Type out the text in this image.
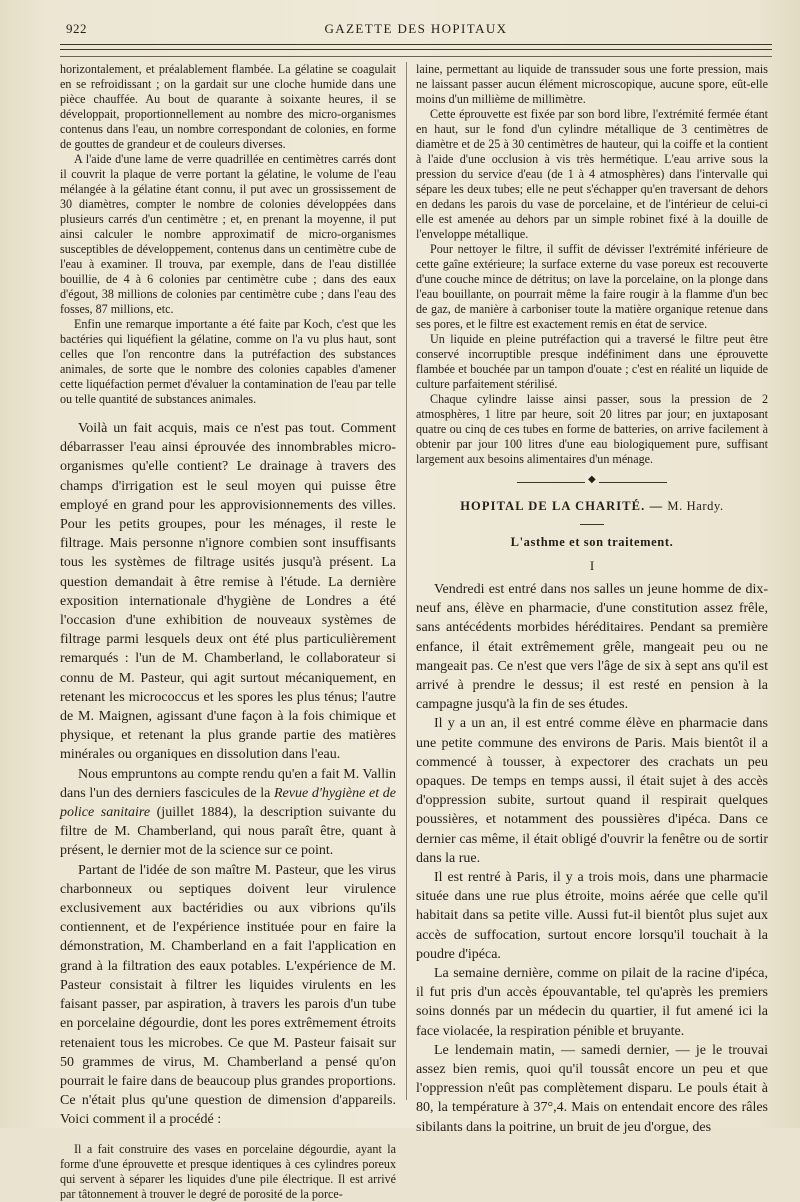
922	GAZETTE DES HOPITAUX

horizontalement, et préalablement flambée. La gélatine se coagulait en se refroidissant ; on la gardait sur une cloche humide dans une pièce chauffée. Au bout de quarante à soixante heures, il se développait, proportionnellement au nombre des micro-organismes contenus dans l'eau, un nombre correspondant de colonies, en forme de gouttes de grandeur et de couleurs diverses.

A l'aide d'une lame de verre quadrillée en centimètres carrés dont il couvrit la plaque de verre portant la gélatine, le volume de l'eau mélangée à la gélatine étant connu, il put avec un grossissement de 30 diamètres, compter le nombre de colonies développées dans plusieurs carrés d'un centimètre ; et, en prenant la moyenne, il put ainsi calculer le nombre approximatif de micro-organismes susceptibles de développement, contenus dans un centimètre cube de l'eau à examiner. Il trouva, par exemple, dans de l'eau distillée bouillie, de 4 à 6 colonies par centimètre cube ; dans des eaux d'égout, 38 millions de colonies par centimètre cube ; dans l'eau des fosses, 87 millions, etc.

Enfin une remarque importante a été faite par Koch, c'est que les bactéries qui liquéfient la gélatine, comme on l'a vu plus haut, sont celles que l'on rencontre dans la putréfaction des substances animales, de sorte que le nombre des colonies capables d'amener cette liquéfaction permet d'évaluer la contamination de l'eau par telle ou telle quantité de substances animales.

Voilà un fait acquis, mais ce n'est pas tout. Comment débarrasser l'eau ainsi éprouvée des innombrables micro-organismes qu'elle contient? Le drainage à travers des champs d'irrigation est le seul moyen qui puisse être employé en grand pour les approvisionnements des villes. Pour les petits groupes, pour les ménages, il reste le filtrage. Mais personne n'ignore combien sont insuffisants tous les systèmes de filtrage usités jusqu'à présent. La question demandait à être remise à l'étude. La dernière exposition internationale d'hygiène de Londres a été l'occasion d'une exhibition de nouveaux systèmes de filtrage parmi lesquels deux ont été plus particulièrement remarqués : l'un de M. Chamberland, le collaborateur si connu de M. Pasteur, qui agit surtout mécaniquement, en retenant les micrococcus et les spores les plus ténus; l'autre de M. Maignen, agissant d'une façon à la fois chimique et physique, et retenant la plus grande partie des matières minérales ou organiques en dissolution dans l'eau.

Nous empruntons au compte rendu qu'en a fait M. Vallin dans l'un des derniers fascicules de la Revue d'hygiène et de police sanitaire (juillet 1884), la description suivante du filtre de M. Chamberland, qui nous paraît être, quant à présent, le dernier mot de la science sur ce point.

Partant de l'idée de son maître M. Pasteur, que les virus charbonneux ou septiques doivent leur virulence exclusivement aux bactéridies ou aux vibrions qu'ils contiennent, et de l'expérience instituée pour en faire la démonstration, M. Chamberland en a fait l'application en grand à la filtration des eaux potables. L'expérience de M. Pasteur consistait à filtrer les liquides virulents en les faisant passer, par aspiration, à travers les parois d'un tube en porcelaine dégourdie, dont les pores extrêmement étroits retenaient tous les microbes. Ce que M. Pasteur faisait sur 50 grammes de virus, M. Chamberland a pensé qu'on pourrait le faire dans de beaucoup plus grandes proportions. Ce n'était plus qu'une question de dimension d'appareils. Voici comment il a procédé :

Il a fait construire des vases en porcelaine dégourdie, ayant la forme d'une éprouvette et presque identiques à ces cylindres poreux qui servent à séparer les liquides d'une pile électrique. Il est arrivé par tâtonnement à trouver le degré de porosité de la porce-

laine, permettant au liquide de transsuder sous une forte pression, mais ne laissant passer aucun élément microscopique, aucune spore, eût-elle moins d'un millième de millimètre.

Cette éprouvette est fixée par son bord libre, l'extrémité fermée étant en haut, sur le fond d'un cylindre métallique de 3 centimètres de diamètre et de 25 à 30 centimètres de hauteur, qui la coiffe et la contient à l'aide d'une occlusion à vis très hermétique. L'eau arrive sous la pression du service d'eau (de 1 à 4 atmosphères) dans l'intervalle qui sépare les deux tubes; elle ne peut s'échapper qu'en traversant de dehors en dedans les parois du vase de porcelaine, et de l'intérieur de celui-ci elle est amenée au dehors par un simple robinet fixé à la douille de l'enveloppe métallique.

Pour nettoyer le filtre, il suffit de dévisser l'extrémité inférieure de cette gaîne extérieure; la surface externe du vase poreux est recouverte d'une couche mince de détritus; on lave la porcelaine, on la plonge dans l'eau bouillante, on pourrait même la faire rougir à la flamme d'un bec de gaz, de manière à carboniser toute la matière organique retenue dans ses pores, et le filtre est exactement remis en état de service.

Un liquide en pleine putréfaction qui a traversé le filtre peut être conservé incorruptible presque indéfiniment dans une éprouvette flambée et bouchée par un tampon d'ouate ; c'est en réalité un liquide de culture parfaitement stérilisé.

Chaque cylindre laisse ainsi passer, sous la pression de 2 atmosphères, 1 litre par heure, soit 20 litres par jour; en juxtaposant quatre ou cinq de ces tubes en forme de batteries, on arrive facilement à obtenir par jour 100 litres d'une eau biologiquement pure, suffisant largement aux besoins alimentaires d'un ménage.

◆

HOPITAL DE LA CHARITÉ. — M. Hardy.

L'asthme et son traitement.

I

Vendredi est entré dans nos salles un jeune homme de dix-neuf ans, élève en pharmacie, d'une constitution assez frêle, sans antécédents morbides héréditaires. Pendant sa première enfance, il était extrêmement grêle, mangeait peu ou ne mangeait pas. Ce n'est que vers l'âge de six à sept ans qu'il est arrivé à prendre le dessus; il est resté en pension à la campagne jusqu'à la fin de ses études.

Il y a un an, il est entré comme élève en pharmacie dans une petite commune des environs de Paris. Mais bientôt il a commencé à tousser, à expectorer des crachats un peu opaques. De temps en temps aussi, il était sujet à des accès d'oppression subite, surtout quand il respirait quelques poussières, et notamment des poussières d'ipéca. Dans ce dernier cas même, il était obligé d'ouvrir la fenêtre ou de sortir dans la rue.

Il est rentré à Paris, il y a trois mois, dans une pharmacie située dans une rue plus étroite, moins aérée que celle qu'il habitait dans sa petite ville. Aussi fut-il bientôt plus sujet aux accès de suffocation, surtout encore lorsqu'il touchait à la poudre d'ipéca.

La semaine dernière, comme on pilait de la racine d'ipéca, il fut pris d'un accès épouvantable, tel qu'après les premiers soins donnés par un médecin du quartier, il fut amené ici la face violacée, la respiration pénible et bruyante.

Le lendemain matin, — samedi dernier, — je le trouvai assez bien remis, quoi qu'il toussât encore un peu et que l'oppression n'eût pas complètement disparu. Le pouls était à 80, la température à 37°,4. Mais on entendait encore des râles sibilants dans la poitrine, un bruit de jeu d'orgue, des
